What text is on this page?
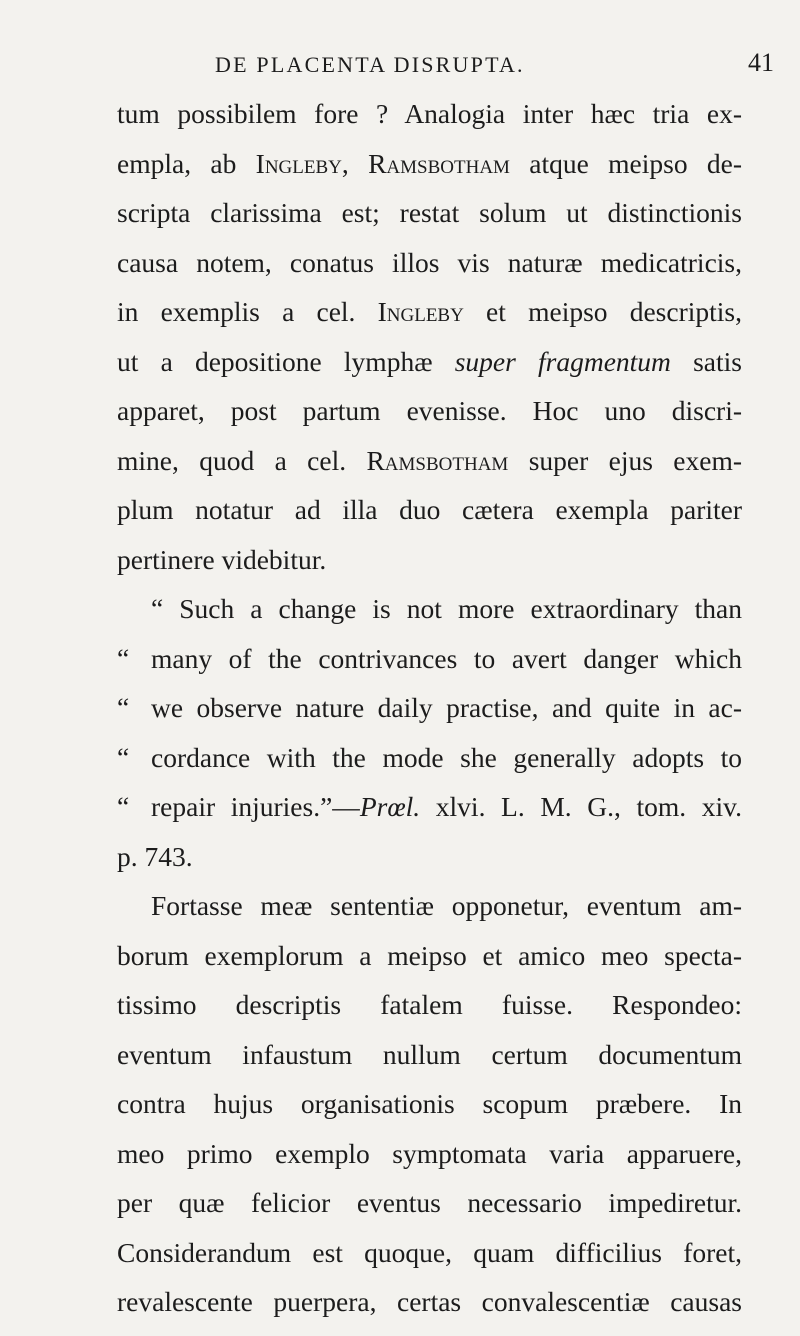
DE PLACENTA DISRUPTA.	41
tum possibilem fore ? Analogia inter hæc tria ex-
empla, ab Ingleby, Ramsbotham atque meipso de-
scripta clarissima est; restat solum ut distinctionis
causa notem, conatus illos vis naturæ medicatricis,
in exemplis a cel. Ingleby et meipso descriptis,
ut a depositione lymphæ super fragmentum satis
apparet, post partum evenisse. Hoc uno discri-
mine, quod a cel. Ramsbotham super ejus exem-
plum notatur ad illa duo cætera exempla pariter
pertinere videbitur.
“ Such a change is not more extraordinary than
“ many of the contrivances to avert danger which
“ we observe nature daily practise, and quite in ac-
“ cordance with the mode she generally adopts to
“ repair injuries.”—Prœl. xlvi. L. M. G., tom. xiv.
p. 743.
Fortasse meæ sententiæ opponetur, eventum am-
borum exemplorum a meipso et amico meo specta-
tissimo descriptis fatalem fuisse. Respondeo:
eventum infaustum nullum certum documentum
contra hujus organisationis scopum præbere. In
meo primo exemplo symptomata varia apparuere,
per quæ felicior eventus necessario impediretur.
Considerandum est quoque, quam difficilius foret,
revalescente puerpera, certas convalescentiæ causas
